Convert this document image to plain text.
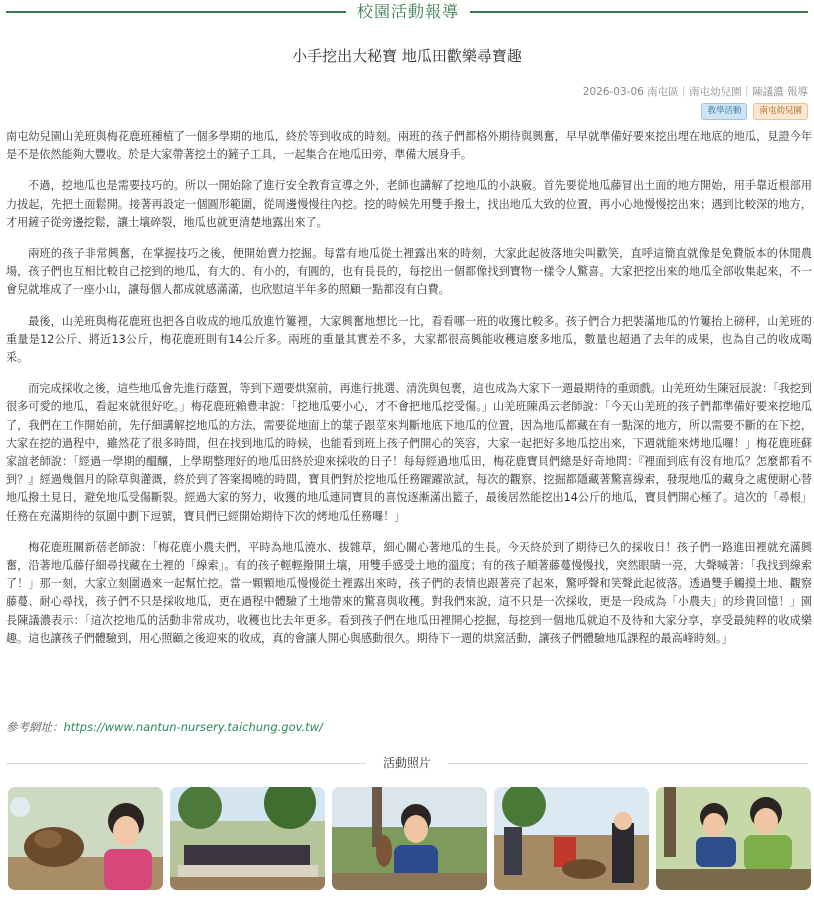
校園活動報導
小手挖出大秘寶 地瓜田歡樂尋寶趣
2026-03-06 南屯區｜南屯幼兒園｜陳議濃 報導
教學活動	南屯幼兒園

南屯幼兒園山羌班與梅花鹿班種植了一個多學期的地瓜，終於等到收成的時刻。兩班的孩子們都格外期待與興奮，早早就準備好要來挖出埋在地底的地瓜，見證今年是不是依然能夠大豐收。於是大家帶著挖土的鏟子工具，一起集合在地瓜田旁，準備大展身手。

不過，挖地瓜也是需要技巧的。所以一開始除了進行安全教育宣導之外，老師也講解了挖地瓜的小訣竅。首先要從地瓜藤冒出土面的地方開始，用手靠近根部用力拔起，先把土面鬆開。接著再設定一個圓形範圍，從周邊慢慢往內挖。挖的時候先用雙手撥土，找出地瓜大致的位置，再小心地慢慢挖出來；遇到比較深的地方，才用鏟子從旁邊挖鬆，讓土壤碎裂，地瓜也就更清楚地露出來了。

兩班的孩子非常興奮，在掌握技巧之後，便開始賣力挖掘。每當有地瓜從土裡露出來的時刻，大家此起彼落地尖叫歡笑，直呼這簡直就像是免費版本的休閒農場，孩子們也互相比較自己挖到的地瓜，有大的、有小的，有圓的，也有長長的，每挖出一個都像找到寶物一樣令人驚喜。大家把挖出來的地瓜全部收集起來，不一會兒就堆成了一座小山，讓每個人都成就感滿滿，也欣慰這半年多的照顧一點都沒有白費。

最後，山羌班與梅花鹿班也把各自收成的地瓜放進竹簍裡，大家興奮地想比一比，看看哪一班的收獲比較多。孩子們合力把裝滿地瓜的竹簍抬上磅秤，山羌班的重量是12公斤、將近13公斤，梅花鹿班則有14公斤多。兩班的重量其實差不多，大家都很高興能收穫這麼多地瓜，數量也超過了去年的成果，也為自己的收成喝采。

而完成採收之後，這些地瓜會先進行蔭置，等到下週要烘窯前，再進行挑選、清洗與包裹，這也成為大家下一週最期待的重頭戲。山羌班幼生陳冠辰說：「我挖到很多可愛的地瓜，看起來就很好吃。」梅花鹿班賴豊聿說：「挖地瓜要小心，才不會把地瓜挖受傷。」山羌班陳禹云老師說：「今天山羌班的孩子們都準備好要來挖地瓜了，我們在工作開始前，先仔細講解挖地瓜的方法，需要從地面上的葉子跟莖來判斷地底下地瓜的位置，因為地瓜都藏在有一點深的地方，所以需要不斷的在下挖，大家在挖的過程中，雖然花了很多時間，但在找到地瓜的時候，也能看到班上孩子們開心的笑容，大家一起把好多地瓜挖出來，下週就能來烤地瓜囉！」梅花鹿班蘇家誼老師說：「經過一學期的醞釀，上學期整理好的地瓜田終於迎來採收的日子！每每經過地瓜田，梅花鹿寶貝們總是好奇地問：『裡面到底有沒有地瓜？怎麼都看不到？』經過幾個月的除草與灌溉，終於到了答案揭曉的時間，寶貝們對於挖地瓜任務躍躍欲試，每次的觀察、挖掘都隱藏著驚喜線索，發現地瓜的藏身之處便耐心替地瓜撥土見日，避免地瓜受傷斷裂。經過大家的努力，收獲的地瓜連同寶貝的喜悅逐漸滿出籃子，最後居然能挖出14公斤的地瓜，寶貝們開心極了。這次的「尋根」任務在充滿期待的氛圍中劃下逗號，寶貝們已經開始期待下次的烤地瓜任務囉！」

梅花鹿班關新蓓老師說：「梅花鹿小農夫們，平時為地瓜澆水、拔雜草，細心關心著地瓜的生長。今天終於到了期待已久的採收日！孩子們一路進田裡就充滿興奮，沿著地瓜藤仔細尋找藏在土裡的「線索」。有的孩子輕輕撥開土壤，用雙手感受土地的溫度；有的孩子順著藤蔓慢慢找，突然眼睛一亮，大聲喊著：「我找到線索了！」那一刻，大家立刻圍過來一起幫忙挖。當一顆顆地瓜慢慢從土裡露出來時，孩子們的表情也跟著亮了起來，驚呼聲和笑聲此起彼落。透過雙手觸摸土地、觀察藤蔓、耐心尋找，孩子們不只是採收地瓜，更在過程中體驗了土地帶來的驚喜與收穫。對我們來說，這不只是一次採收，更是一段成為「小農夫」的珍貴回憶！」園長陳議濃表示：「這次挖地瓜的活動非常成功，收穫也比去年更多。看到孩子們在地瓜田裡開心挖掘，每挖到一個地瓜就迫不及待和大家分享，享受最純粹的收成樂趣。這也讓孩子們體驗到，用心照顧之後迎來的收成，真的會讓人開心與感動很久。期待下一週的烘窯活動，讓孩子們體驗地瓜課程的最高峰時刻。」

參考網址：https://www.nantun-nursery.taichung.gov.tw/
活動照片
